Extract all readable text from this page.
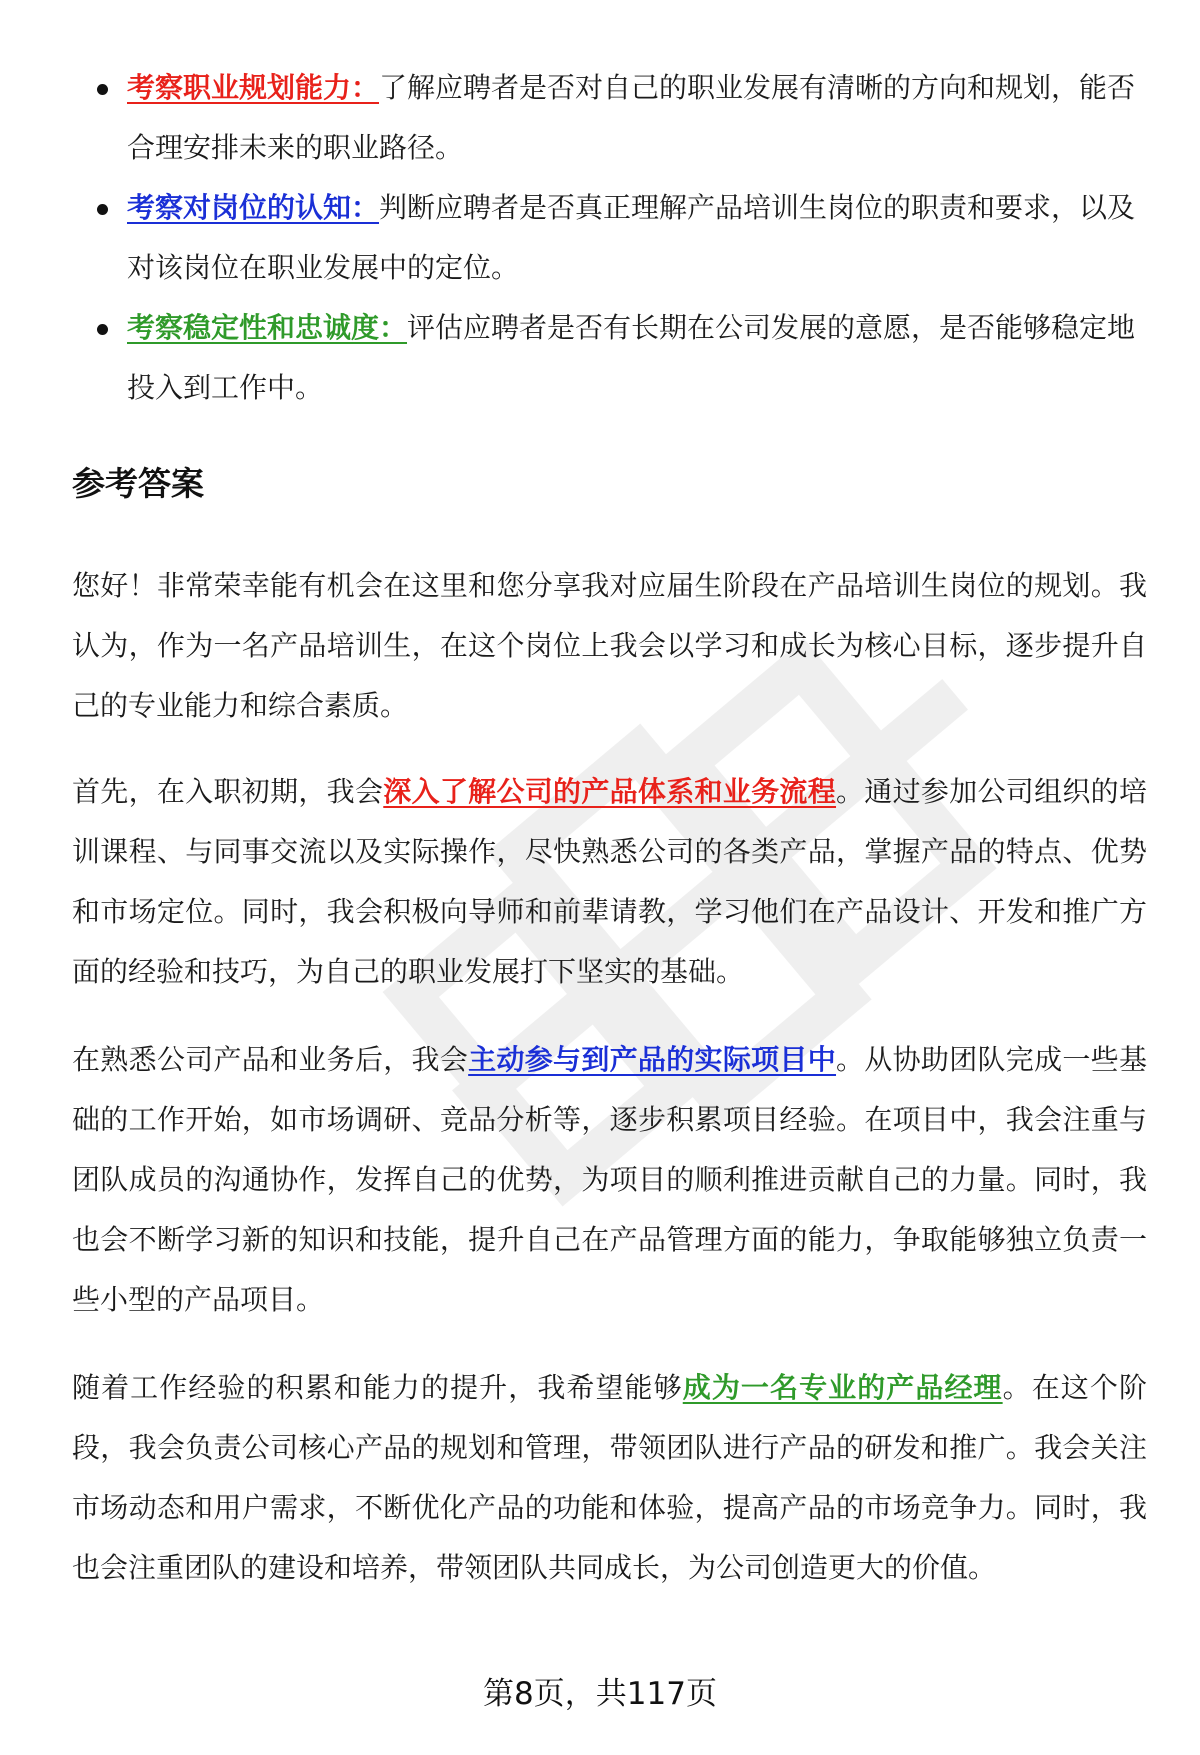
考察职业规划能力：了解应聘者是否对自己的职业发展有清晰的方向和规划，能否合理安排未来的职业路径。
考察对岗位的认知：判断应聘者是否真正理解产品培训生岗位的职责和要求，以及对该岗位在职业发展中的定位。
考察稳定性和忠诚度：评估应聘者是否有长期在公司发展的意愿，是否能够稳定地投入到工作中。
参考答案

您好！非常荣幸能有机会在这里和您分享我对应届生阶段在产品培训生岗位的规划。我认为，作为一名产品培训生，在这个岗位上我会以学习和成长为核心目标，逐步提升自己的专业能力和综合素质。

首先，在入职初期，我会深入了解公司的产品体系和业务流程。通过参加公司组织的培训课程、与同事交流以及实际操作，尽快熟悉公司的各类产品，掌握产品的特点、优势和市场定位。同时，我会积极向导师和前辈请教，学习他们在产品设计、开发和推广方面的经验和技巧，为自己的职业发展打下坚实的基础。

在熟悉公司产品和业务后，我会主动参与到产品的实际项目中。从协助团队完成一些基础的工作开始，如市场调研、竞品分析等，逐步积累项目经验。在项目中，我会注重与团队成员的沟通协作，发挥自己的优势，为项目的顺利推进贡献自己的力量。同时，我也会不断学习新的知识和技能，提升自己在产品管理方面的能力，争取能够独立负责一些小型的产品项目。

随着工作经验的积累和能力的提升，我希望能够成为一名专业的产品经理。在这个阶段，我会负责公司核心产品的规划和管理，带领团队进行产品的研发和推广。我会关注市场动态和用户需求，不断优化产品的功能和体验，提高产品的市场竞争力。同时，我也会注重团队的建设和培养，带领团队共同成长，为公司创造更大的价值。

第8页，共117页
